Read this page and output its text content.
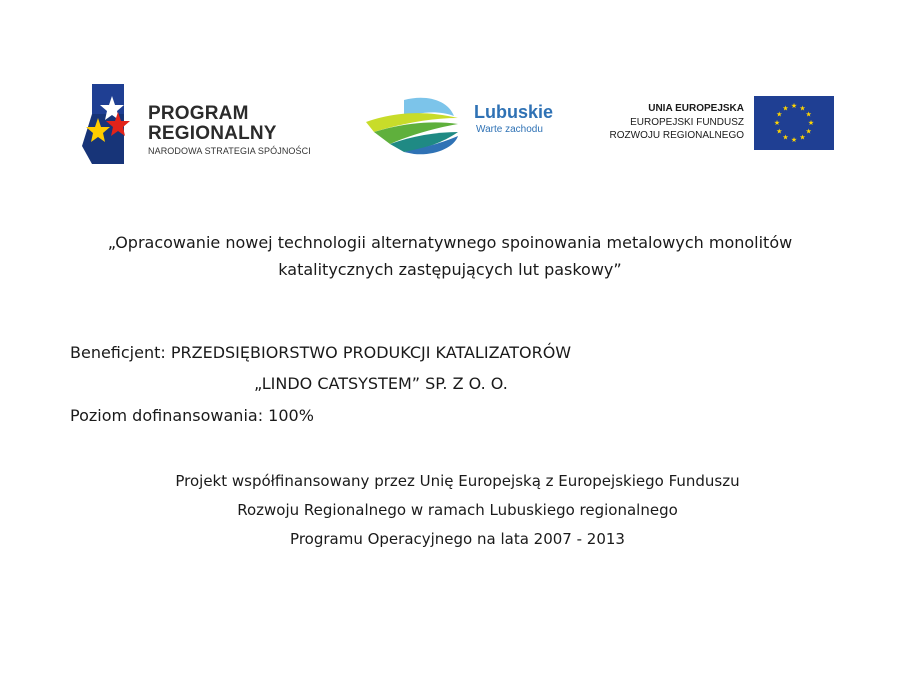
PROGRAM
REGIONALNY
NARODOWA STRATEGIA SPÓJNOŚCI
Lubuskie
Warte zachodu
UNIA EUROPEJSKA
EUROPEJSKI FUNDUSZ
ROZWOJU REGIONALNEGO
★ ★
★
★
★
★
★
★
★
★
★
★
„Opracowanie nowej technologii alternatywnego spoinowania metalowych monolitów
katalitycznych zastępujących lut paskowy”
Beneficjent: PRZEDSIĘBIORSTWO PRODUKCJI KATALIZATORÓW
„LINDO CATSYSTEM” SP. Z O. O.
Poziom dofinansowania: 100%
Projekt współfinansowany przez Unię Europejską z Europejskiego Funduszu
Rozwoju Regionalnego w ramach Lubuskiego regionalnego
Programu Operacyjnego na lata 2007 - 2013
